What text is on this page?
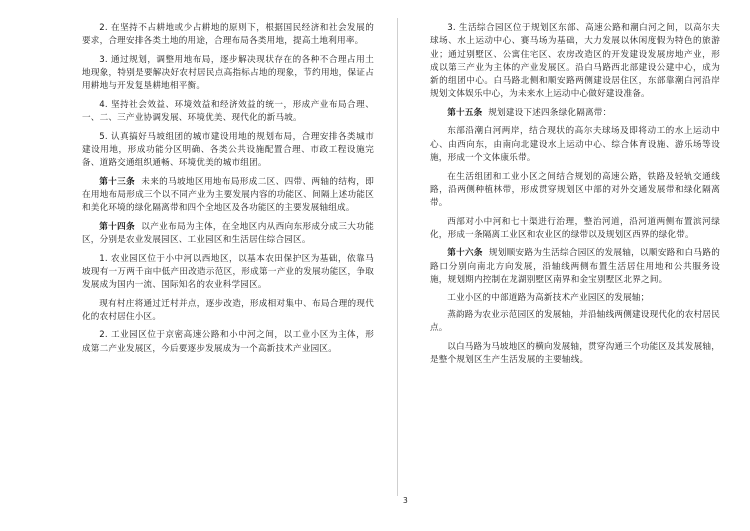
2. 在坚持不占耕地或少占耕地的原则下，根据国民经济和社会发展的要求，合理安排各类土地的用途，合理布局各类用地，提高土地利用率。

3. 通过规划，调整用地布局，逐步解决现状存在的各种不合理占用土地现象，特别是要解决好农村居民点高指标占地的现象，节约用地，保证占用耕地与开发复垦耕地相平衡。

4. 坚持社会效益、环境效益和经济效益的统一，形成产业布局合理、一、二、三产业协调发展、环境优美、现代化的新马坡。

5. 认真搞好马坡组团的城市建设用地的规划布局，合理安排各类城市建设用地，形成功能分区明确、各类公共设施配置合理、市政工程设施完备、道路交通组织通畅、环境优美的城市组团。

第十三条 未来的马坡地区用地布局形成二区、四带、两轴的结构，即在用地布局形成三个以不同产业为主要发展内容的功能区、间隔上述功能区和美化环境的绿化隔离带和四个全地区及各功能区的主要发展轴组成。

第十四条 以产业布局为主体，在全地区内从西向东形成分成三大功能区，分别是农业发展园区、工业园区和生活居住综合园区。

1. 农业园区位于小中河以西地区，以基本农田保护区为基础，依靠马坡现有一万两千亩中低产田改造示范区，形成第一产业的发展功能区，争取发展成为国内一流、国际知名的农业科学园区。

现有村庄将通过迁村并点，逐步改造，形成相对集中、布局合理的现代化的农村居住小区。

2. 工业园区位于京密高速公路和小中河之间，以工业小区为主体，形成第二产业发展区，今后要逐步发展成为一个高新技术产业园区。

3. 生活综合园区位于规划区东部、高速公路和潮白河之间，以高尔夫球场、水上运动中心、赛马场为基础，大力发展以休闲度假为特色的旅游业；通过别墅区、公寓住宅区、农房改造区的开发建设发展房地产业，形成以第三产业为主体的产业发展区。沿白马路西北部建设公建中心，成为新的组团中心。白马路北侧和顺安路两侧建设居住区，东部靠潮白河沿岸规划文体娱乐中心，为未来水上运动中心做好建设准备。

第十五条 规划建设下述四条绿化隔离带：

东部沿潮白河两岸，结合现状的高尔夫球场及即将动工的水上运动中心、由西向东，由南向北建设水上运动中心、综合体育设施、游乐场等设施，形成一个文体康乐带。

在生活组团和工业小区之间结合规划的高速公路，铁路及轻轨交通线路，沿两侧种植林带，形成贯穿规划区中部的对外交通发展带和绿化隔离带。

西部对小中河和七十渠进行治理，整治河道，沿河道两侧布置滨河绿化，形成一条隔离工业区和农业区的绿带以及规划区西界的绿化带。

第十六条 规划顺安路为生活综合园区的发展轴，以顺安路和白马路的路口分别向南北方向发展，沿轴线两侧布置生活居住用地和公共服务设施，规划期内控制在龙湖别墅区南界和金宝别墅区北界之间。

工业小区的中部道路为高新技术产业园区的发展轴；

蒸韵路为农业示范园区的发展轴，并沿轴线两侧建设现代化的农村居民点。

以白马路为马坡地区的横向发展轴，贯穿沟通三个功能区及其发展轴，是整个规划区生产生活发展的主要轴线。

3
